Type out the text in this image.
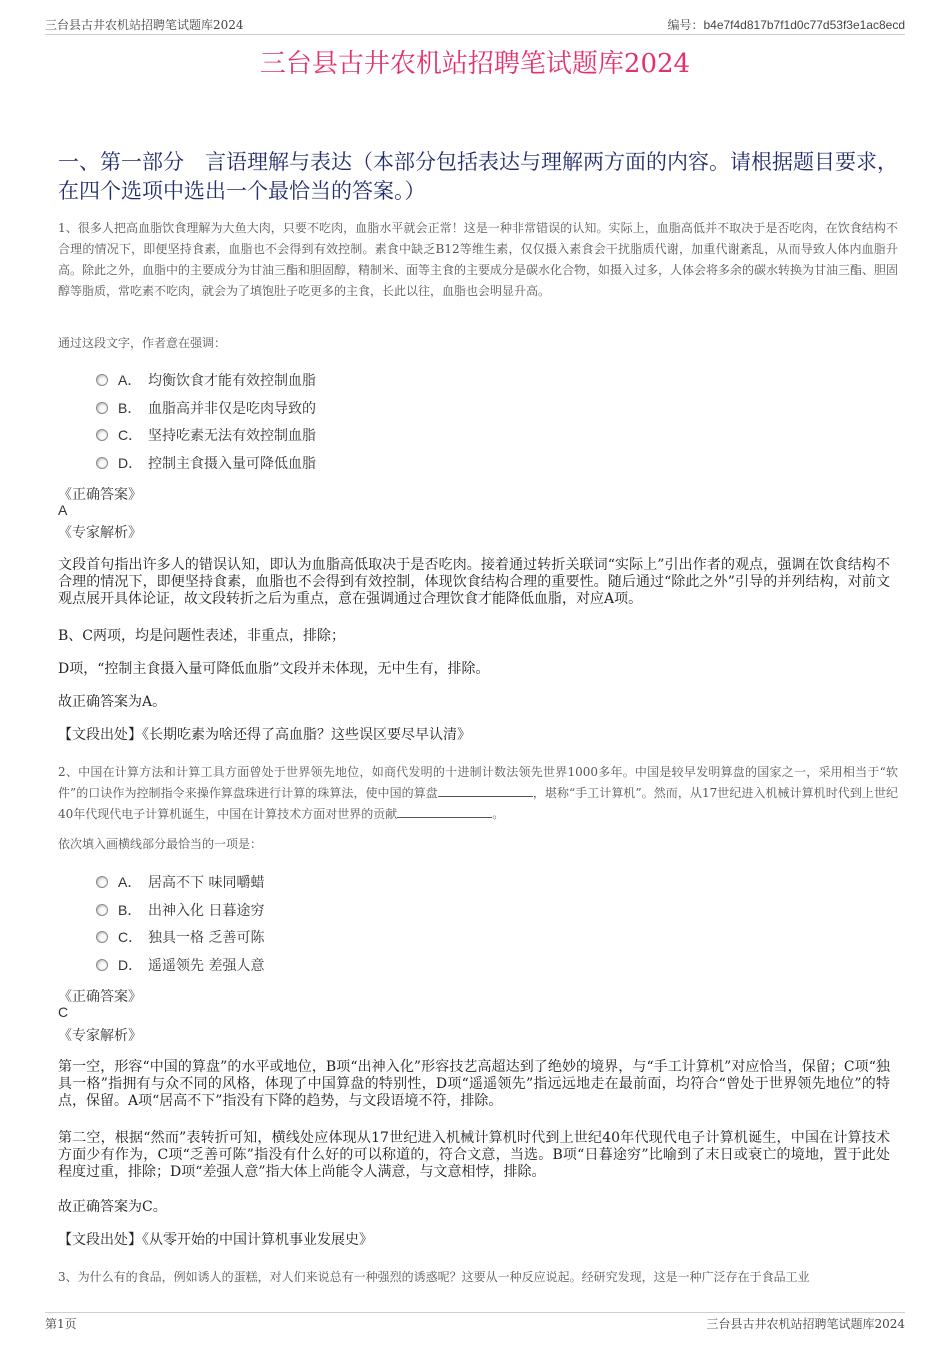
三台县古井农机站招聘笔试题库2024	编号：b4e7f4d817b7f1d0c77d53f3e1ac8ecd
三台县古井农机站招聘笔试题库2024
一、第一部分　言语理解与表达（本部分包括表达与理解两方面的内容。请根据题目要求，在四个选项中选出一个最恰当的答案。）
1、很多人把高血脂饮食理解为大鱼大肉，只要不吃肉，血脂水平就会正常！这是一种非常错误的认知。实际上，血脂高低并不取决于是否吃肉，在饮食结构不合理的情况下，即便坚持食素，血脂也不会得到有效控制。素食中缺乏B12等维生素，仅仅摄入素食会干扰脂质代谢，加重代谢紊乱，从而导致人体内血脂升高。除此之外，血脂中的主要成分为甘油三酯和胆固醇，精制米、面等主食的主要成分是碳水化合物，如摄入过多，人体会将多余的碳水转换为甘油三酯、胆固醇等脂质，常吃素不吃肉，就会为了填饱肚子吃更多的主食，长此以往，血脂也会明显升高。
通过这段文字，作者意在强调：
A． 均衡饮食才能有效控制血脂
B． 血脂高并非仅是吃肉导致的
C． 坚持吃素无法有效控制血脂
D． 控制主食摄入量可降低血脂
《正确答案》
A
《专家解析》
文段首句指出许多人的错误认知，即认为血脂高低取决于是否吃肉。接着通过转折关联词“实际上”引出作者的观点，强调在饮食结构不合理的情况下，即便坚持食素，血脂也不会得到有效控制，体现饮食结构合理的重要性。随后通过“除此之外”引导的并列结构，对前文观点展开具体论证，故文段转折之后为重点，意在强调通过合理饮食才能降低血脂，对应A项。
B、C两项，均是问题性表述，非重点，排除；
D项，“控制主食摄入量可降低血脂”文段并未体现，无中生有，排除。
故正确答案为A。
【文段出处】《长期吃素为啥还得了高血脂？这些误区要尽早认清》
2、中国在计算方法和计算工具方面曾处于世界领先地位，如商代发明的十进制计数法领先世界1000多年。中国是较早发明算盘的国家之一，采用相当于“软件”的口诀作为控制指令来操作算盘珠进行计算的珠算法，使中国的算盘	，堪称“手工计算机”。然而，从17世纪进入机械计算机时代到上世纪40年代现代电子计算机诞生，中国在计算技术方面对世界的贡献	。
依次填入画横线部分最恰当的一项是：
A． 居高不下 味同嚼蜡
B． 出神入化 日暮途穷
C． 独具一格 乏善可陈
D． 遥遥领先 差强人意
《正确答案》
C
《专家解析》
第一空，形容“中国的算盘”的水平或地位，B项“出神入化”形容技艺高超达到了绝妙的境界，与“手工计算机”对应恰当，保留；C项“独具一格”指拥有与众不同的风格，体现了中国算盘的特别性，D项“遥遥领先”指远远地走在最前面，均符合“曾处于世界领先地位”的特点，保留。A项“居高不下”指没有下降的趋势，与文段语境不符，排除。
第二空，根据“然而”表转折可知，横线处应体现从17世纪进入机械计算机时代到上世纪40年代现代电子计算机诞生，中国在计算技术方面少有作为，C项“乏善可陈”指没有什么好的可以称道的，符合文意，当选。B项“日暮途穷”比喻到了末日或衰亡的境地，置于此处程度过重，排除；D项“差强人意”指大体上尚能令人满意，与文意相悖，排除。
故正确答案为C。
【文段出处】《从零开始的中国计算机事业发展史》
3、为什么有的食品，例如诱人的蛋糕，对人们来说总有一种强烈的诱惑呢？这要从一种反应说起。经研究发现，这是一种广泛存在于食品工业
第1页	三台县古井农机站招聘笔试题库2024
